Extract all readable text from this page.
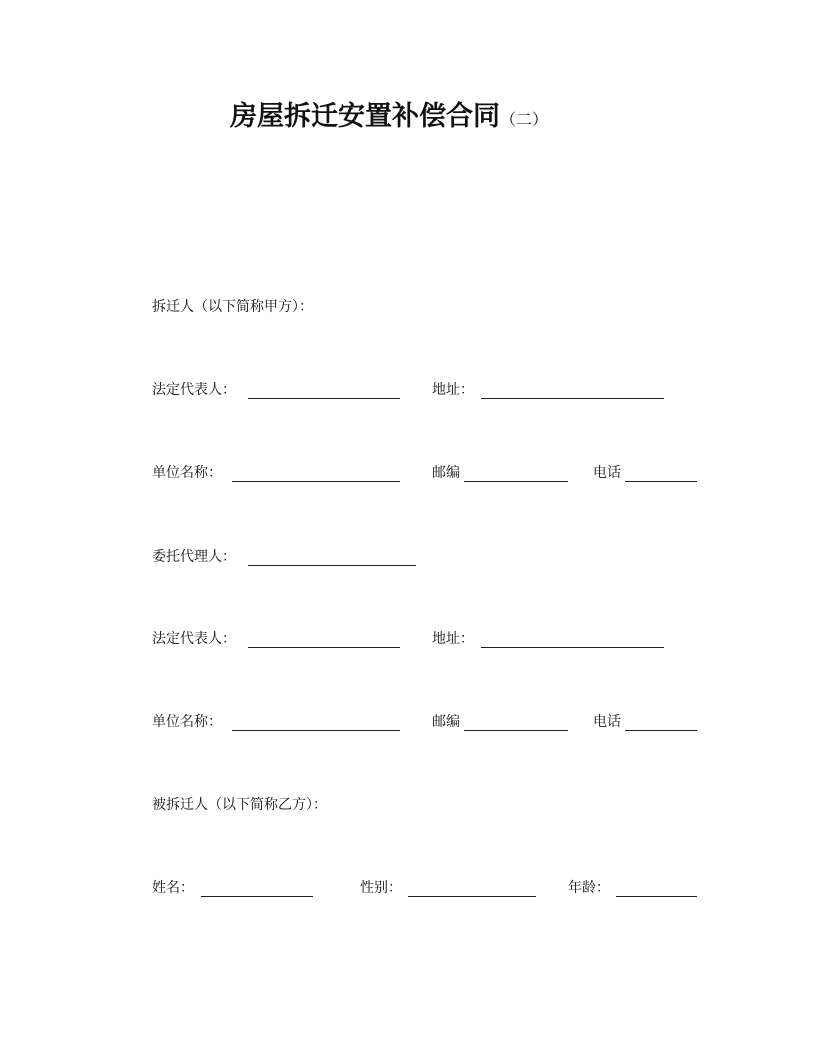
房屋拆迁安置补偿合同（二）
拆迁人（以下简称甲方）：
法定代表人：	地址：
单位名称：	邮编	电话
委托代理人：
法定代表人：	地址：
单位名称：	邮编	电话
被拆迁人（以下简称乙方）：
姓名：	性别：	年龄：
